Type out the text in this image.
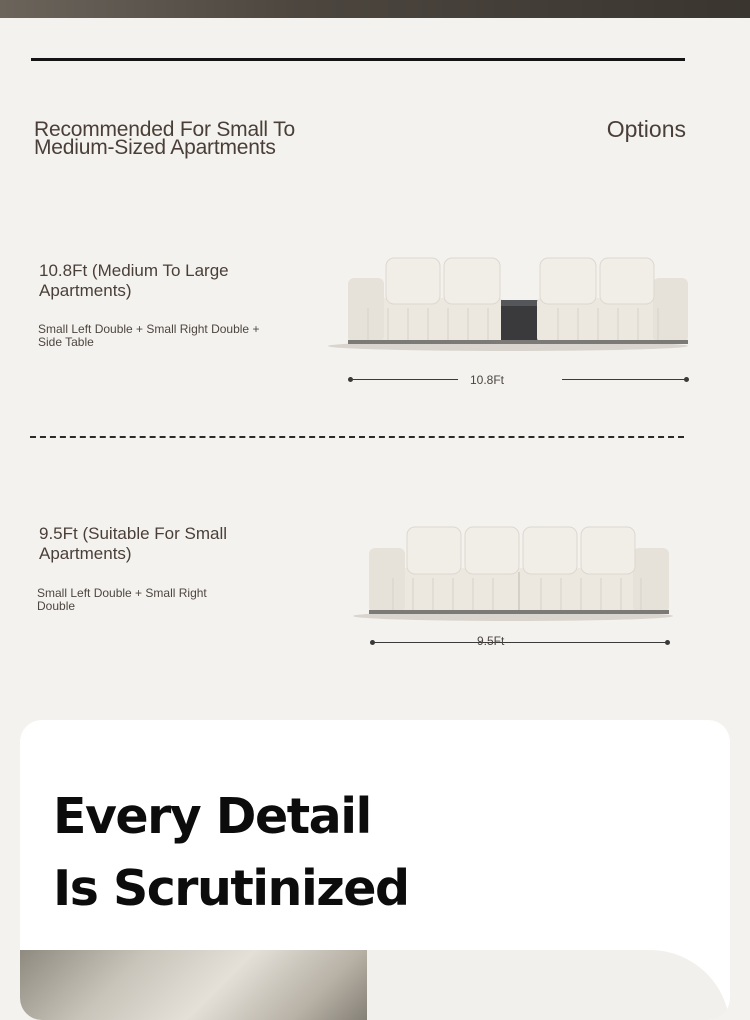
Recommended For Small To Medium-Sized Apartments
Options
10.8Ft (Medium To Large Apartments)
Small Left Double + Small Right Double + Side Table
10.8Ft
9.5Ft (Suitable For Small Apartments)
Small Left Double + Small Right Double
9.5Ft
Every Detail
Is Scrutinized
